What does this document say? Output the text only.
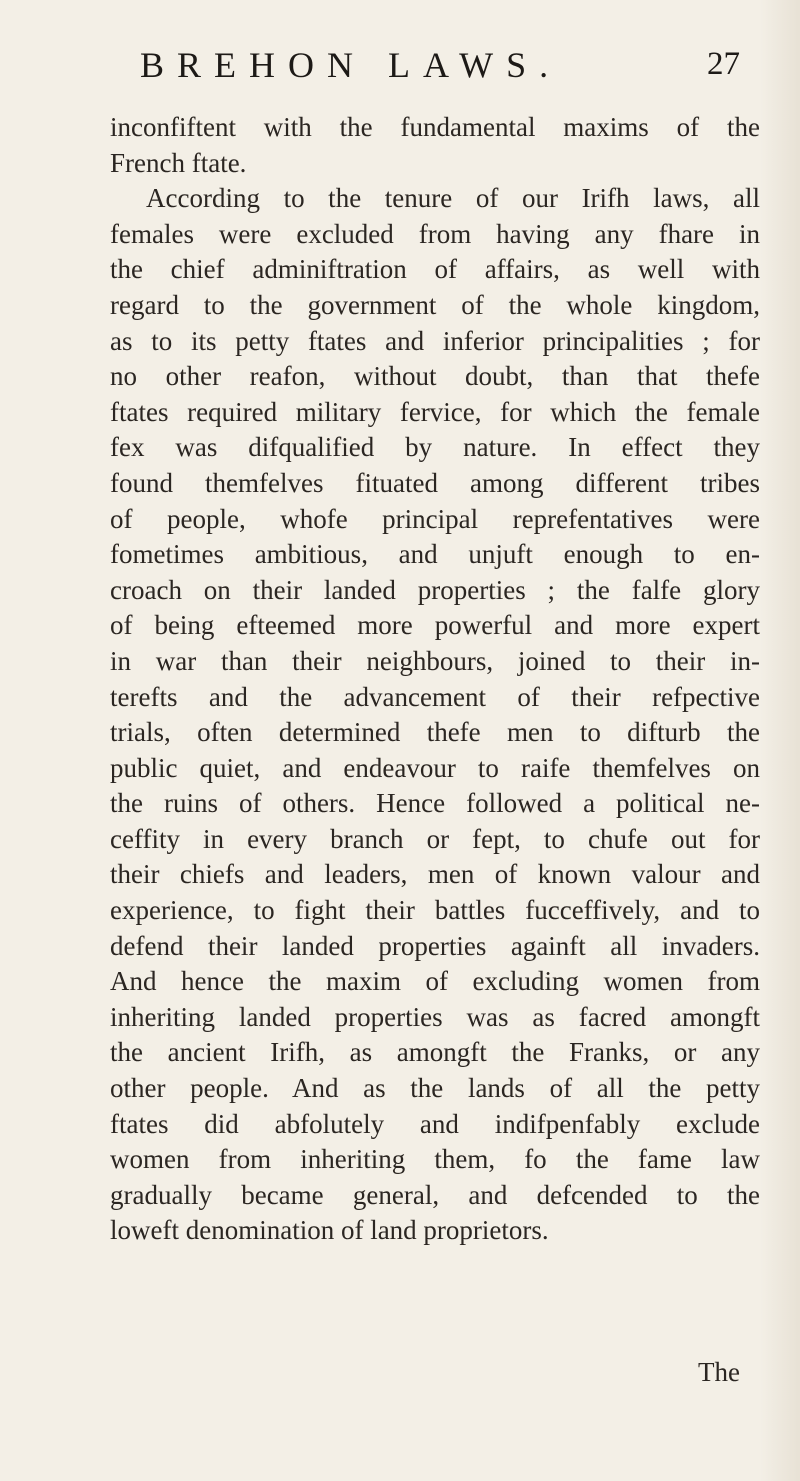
BREHON LAWS.	27
inconfiftent with the fundamental maxims of the
French ftate.
According to the tenure of our Irifh laws, all
females were excluded from having any fhare in
the chief adminiftration of affairs, as well with
regard to the government of the whole kingdom,
as to its petty ftates and inferior principalities ; for
no other reafon, without doubt, than that thefe
ftates required military fervice, for which the female
fex was difqualified by nature. In effect they
found themfelves fituated among different tribes
of people, whofe principal reprefentatives were
fometimes ambitious, and unjuft enough to en-
croach on their landed properties ; the falfe glory
of being efteemed more powerful and more expert
in war than their neighbours, joined to their in-
terefts and the advancement of their refpective
trials, often determined thefe men to difturb the
public quiet, and endeavour to raife themfelves on
the ruins of others. Hence followed a political ne-
ceffity in every branch or fept, to chufe out for
their chiefs and leaders, men of known valour and
experience, to fight their battles fucceffively, and to
defend their landed properties againft all invaders.
And hence the maxim of excluding women from
inheriting landed properties was as facred amongft
the ancient Irifh, as amongft the Franks, or any
other people. And as the lands of all the petty
ftates did abfolutely and indifpenfably exclude
women from inheriting them, fo the fame law
gradually became general, and defcended to the
loweft denomination of land proprietors.
The
